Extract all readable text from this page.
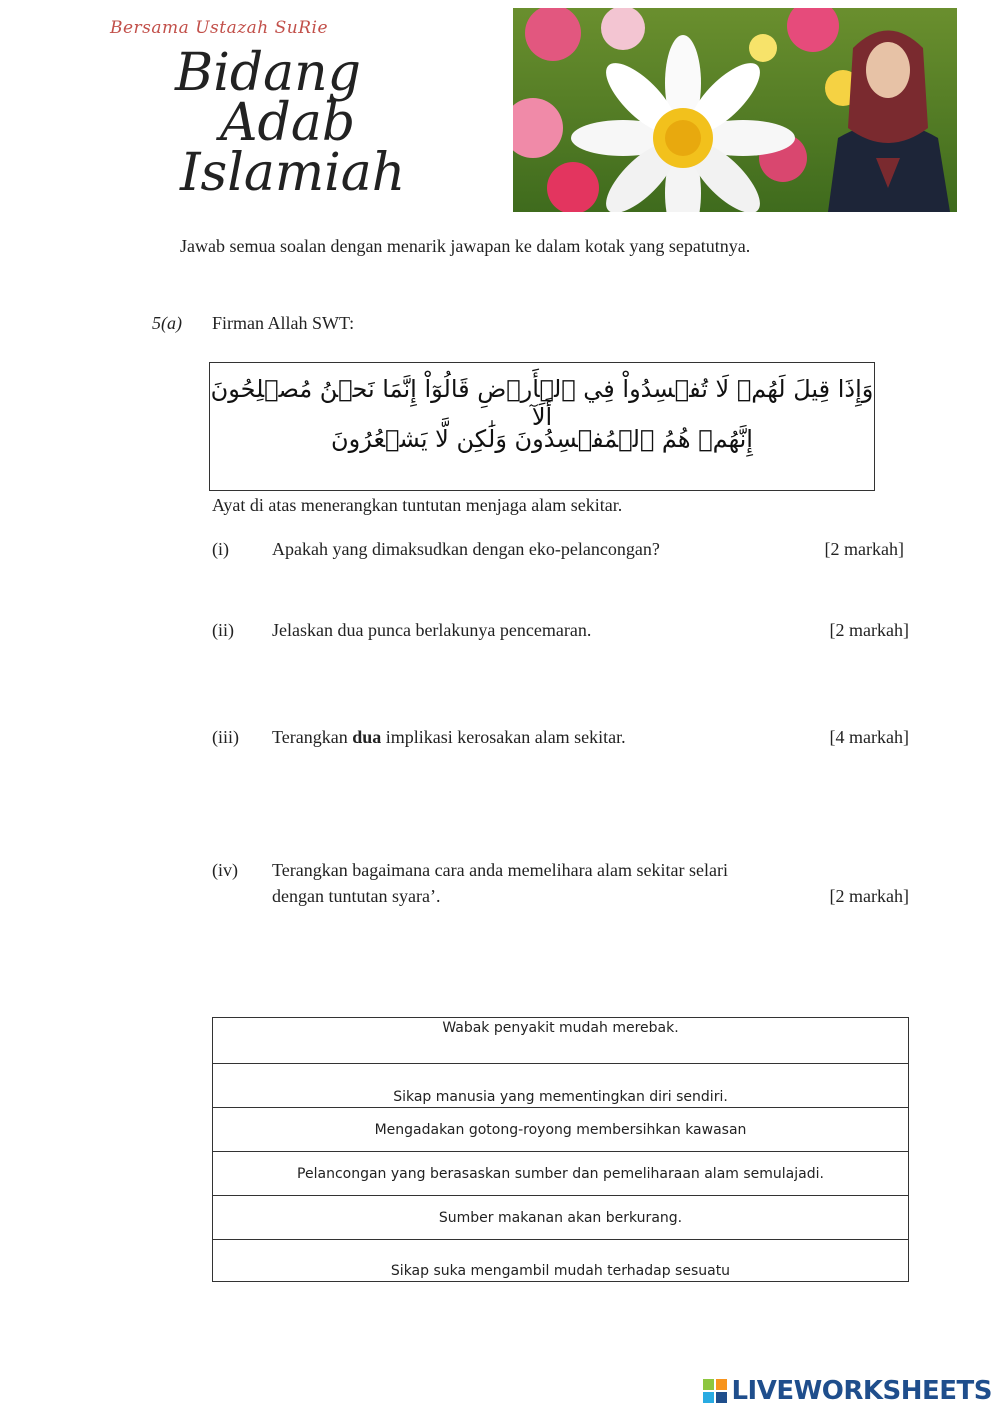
Bersama Ustazah SuRie
Bidang
Adab
Islamiah
Jawab semua soalan dengan menarik jawapan ke dalam kotak yang sepatutnya.
5(a) Firman Allah SWT:
وَإِذَا قِيلَ لَهُمۡ لَا تُفۡسِدُواْ فِي ٱلۡأَرۡضِ قَالُوٓاْ إِنَّمَا نَحۡنُ مُصۡلِحُونَ أَلَآ
إِنَّهُمۡ هُمُ ٱلۡمُفۡسِدُونَ وَلَٰكِن لَّا يَشۡعُرُونَ
Ayat di atas menerangkan tuntutan menjaga alam sekitar.
(i) Apakah yang dimaksudkan dengan eko-pelancongan?	[2 markah]
(ii) Jelaskan dua punca berlakunya pencemaran.	[2 markah]
(iii) Terangkan dua implikasi kerosakan alam sekitar.	[4 markah]
(iv) Terangkan bagaimana cara anda memelihara alam sekitar selari
dengan tuntutan syara’.	[2 markah]
Wabak penyakit mudah merebak.
Sikap manusia yang mementingkan diri sendiri.
Mengadakan gotong-royong membersihkan kawasan
Pelancongan yang berasaskan sumber dan pemeliharaan alam semulajadi.
Sumber makanan akan berkurang.
Sikap suka mengambil mudah terhadap sesuatu
LIVEWORKSHEETS
